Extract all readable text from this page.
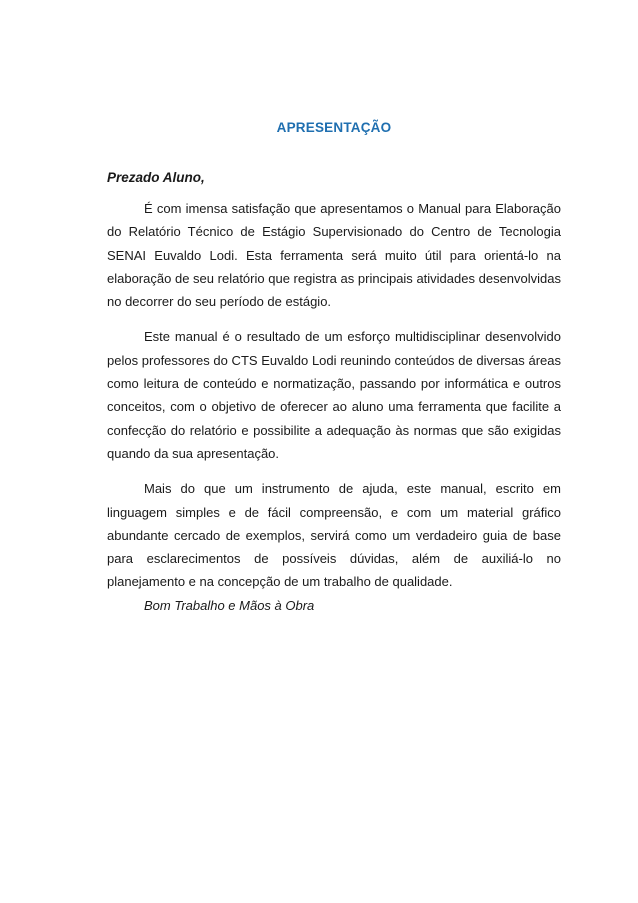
APRESENTAÇÃO
Prezado Aluno,

É com imensa satisfação que apresentamos o Manual para Elaboração do Relatório Técnico de Estágio Supervisionado do Centro de Tecnologia SENAI Euvaldo Lodi. Esta ferramenta será muito útil para orientá-lo na elaboração de seu relatório que registra as principais atividades desenvolvidas no decorrer do seu período de estágio.

Este manual é o resultado de um esforço multidisciplinar desenvolvido pelos professores do CTS Euvaldo Lodi reunindo conteúdos de diversas áreas como leitura de conteúdo e normatização, passando por informática e outros conceitos, com o objetivo de oferecer ao aluno uma ferramenta que facilite a confecção do relatório e possibilite a adequação às normas que são exigidas quando da sua apresentação.

Mais do que um instrumento de ajuda, este manual, escrito em linguagem simples e de fácil compreensão, e com um material gráfico abundante cercado de exemplos, servirá como um verdadeiro guia de base para esclarecimentos de possíveis dúvidas, além de auxiliá-lo no planejamento e na concepção de um trabalho de qualidade.

Bom Trabalho e Mãos à Obra
